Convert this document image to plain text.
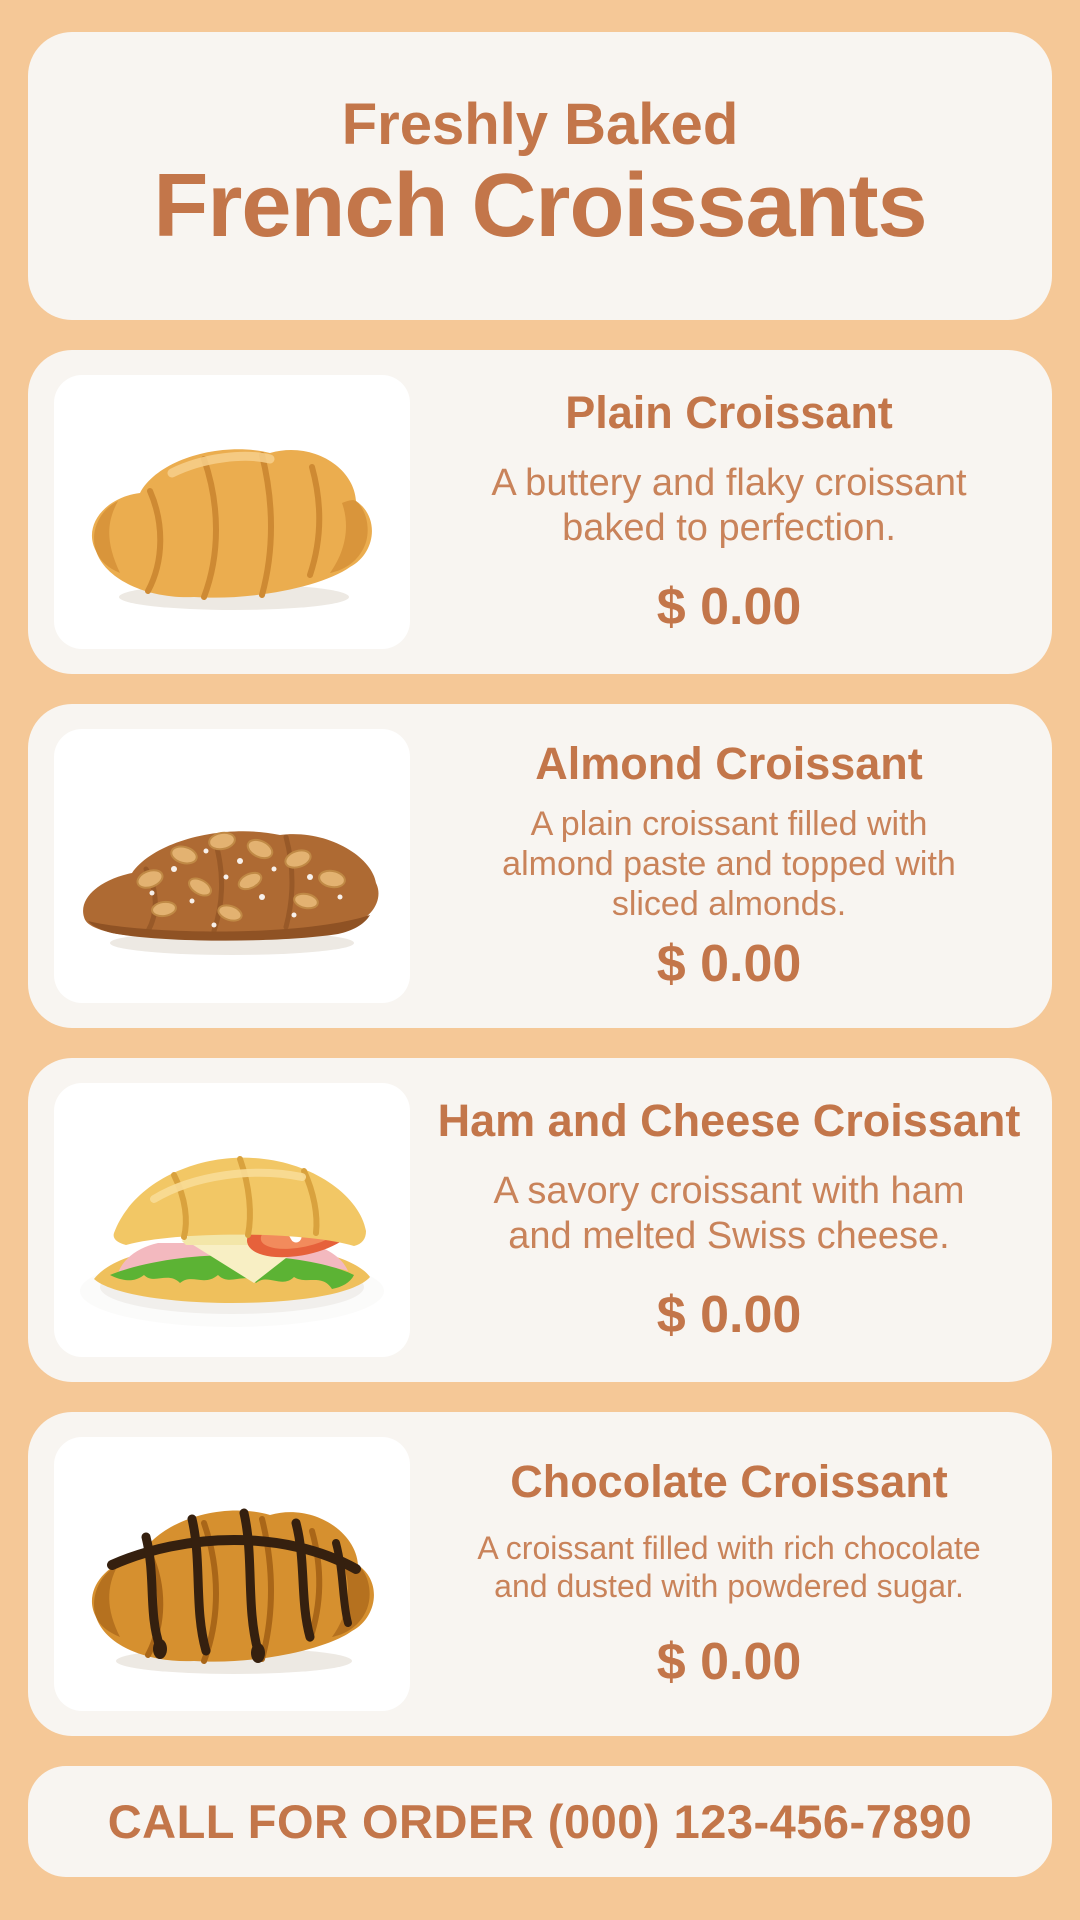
Freshly Baked
French Croissants
Plain Croissant
A buttery and flaky croissant
baked to perfection.
$ 0.00
Almond Croissant
A plain croissant filled with
almond paste and topped with
sliced almonds.
$ 0.00
Ham and Cheese Croissant
A savory croissant with ham
and melted Swiss cheese.
$ 0.00
Chocolate Croissant
A croissant filled with rich chocolate
and dusted with powdered sugar.
$ 0.00
CALL FOR ORDER (000) 123-456-7890
